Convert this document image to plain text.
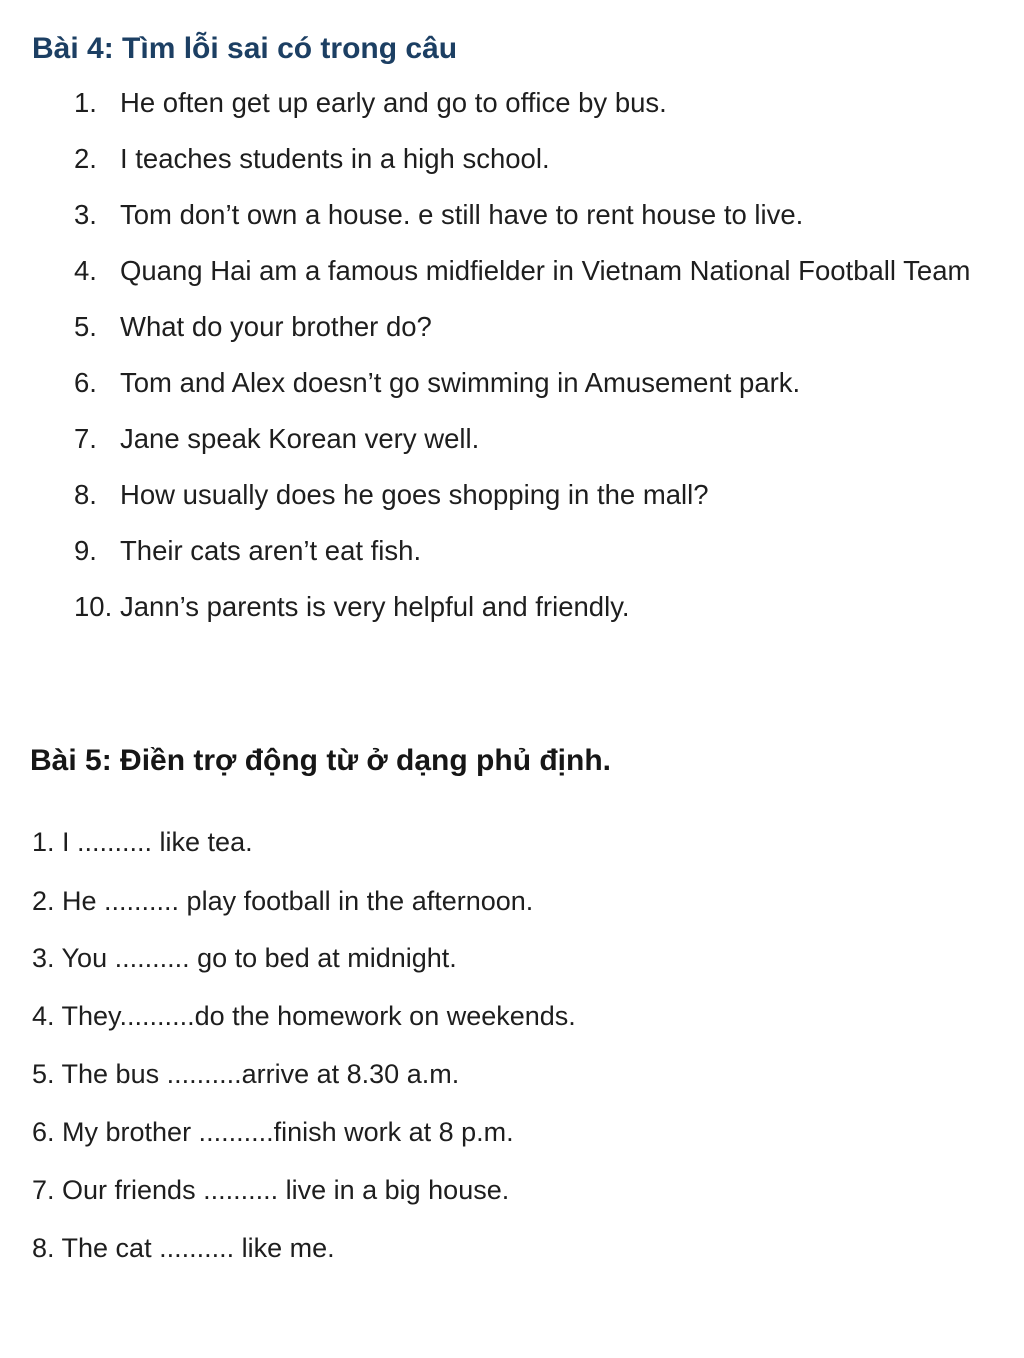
Bài 4: Tìm lỗi sai có trong câu
1. He often get up early and go to office by bus.
2. I teaches students in a high school.
3. Tom don’t own a house. e still have to rent house to live.
4. Quang Hai am a famous midfielder in Vietnam National Football Team
5. What do your brother do?
6. Tom and Alex doesn’t go swimming in Amusement park.
7. Jane speak Korean very well.
8. How usually does he goes shopping in the mall?
9. Their cats aren’t eat fish.
10. Jann’s parents is very helpful and friendly.
Bài 5: Điền trợ động từ ở dạng phủ định.
1. I .......... like tea.
2. He .......... play football in the afternoon.
3. You .......... go to bed at midnight.
4. They..........do the homework on weekends.
5. The bus ..........arrive at 8.30 a.m.
6. My brother ..........finish work at 8 p.m.
7. Our friends .......... live in a big house.
8. The cat .......... like me.
